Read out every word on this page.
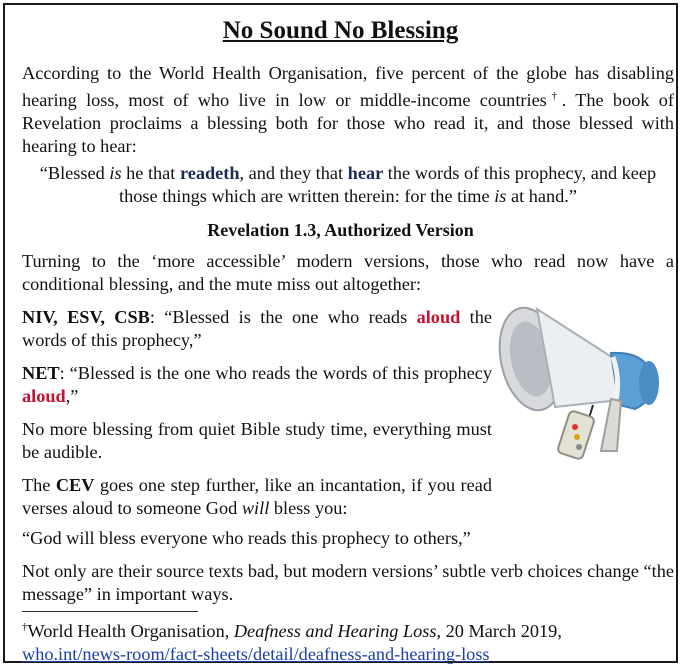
No Sound No Blessing
According to the World Health Organisation, five percent of the globe has disabling hearing loss, most of who live in low or middle-income countries†. The book of Revelation proclaims a blessing both for those who read it, and those blessed with hearing to hear:
“Blessed is he that readeth, and they that hear the words of this prophecy, and keep those things which are written therein: for the time is at hand.”
Revelation 1.3, Authorized Version
Turning to the ‘more accessible’ modern versions, those who read now have a conditional blessing, and the mute miss out altogether:
NIV, ESV, CSB: “Blessed is the one who reads aloud the words of this prophecy,”
NET: “Blessed is the one who reads the words of this prophecy aloud,”
No more blessing from quiet Bible study time, everything must be audible.
The CEV goes one step further, like an incantation, if you read verses aloud to someone God will bless you:
“God will bless everyone who reads this prophecy to others,”
Not only are their source texts bad, but modern versions’ subtle verb choices change “the message” in important ways.
†World Health Organisation, Deafness and Hearing Loss, 20 March 2019,
who.int/news-room/fact-sheets/detail/deafness-and-hearing-loss
